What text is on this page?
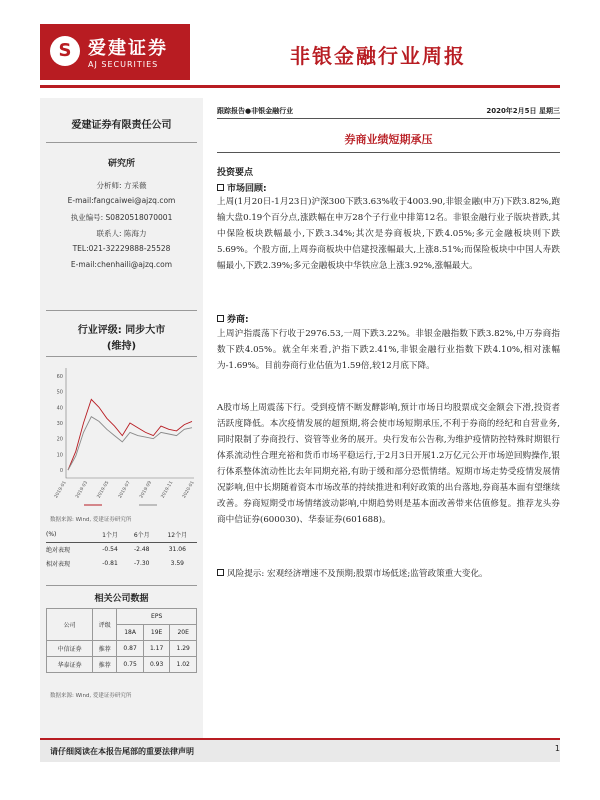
S 爱建证券
AJ SECURITIES	非银金融行业周报
爱建证券有限责任公司
研究所
分析师: 方采薇
E-mail:fangcaiwei@ajzq.com
执业编号: S0820518070001
联系人: 陈海力
TEL:021-32229888-25528
E-mail:chenhaili@ajzq.com
行业评级: 同步大市
(维持)
0
10
20
30
40
50
60
2019-01 2019-03 2019-05 2019-07 2019-09 2019-11 2020-01
数据来源: Wind, 爱建证券研究所
(%)	1个月	6个月	12个月
绝对表现	-0.54	-2.48	31.06
相对表现	-0.81	-7.30	3.59
相关公司数据
公司	评级	EPS		
		18A	19E	20E
中信证券	推荐	0.87	1.17	1.29
华泰证券	推荐	0.75	0.93	1.02
数据来源: Wind, 爱建证券研究所
跟踪报告●非银金融行业	2020年2月5日 星期三
券商业绩短期承压
投资要点
市场回顾:
上周(1月20日-1月23日)沪深300下跌3.63%收于4003.90,非银金融(申万)下跌3.82%,跑输大盘0.19个百分点,涨跌幅在申万28个子行业中排第12名。非银金融行业子版块普跌,其中保险板块跌幅最小,下跌3.34%;其次是券商板块,下跌4.05%;多元金融板块则下跌5.69%。个股方面,上周券商板块中信建投涨幅最大,上涨8.51%;而保险板块中中国人寿跌幅最小,下跌2.39%;多元金融板块中华铁应急上涨3.92%,涨幅最大。
券商:
上周沪指震荡下行收于2976.53,一周下跌3.22%。非银金融指数下跌3.82%,中万券商指数下跌4.05%。就全年来看,沪指下跌2.41%,非银金融行业指数下跌4.10%,相对涨幅为-1.69%。目前券商行业估值为1.59倍,较12月底下降。
A股市场上周震荡下行。受到疫情不断发酵影响,预计市场日均股票成交金额会下滑,投资者活跃度降低。本次疫情发展的超预期,将会使市场短期承压,不利于券商的经纪和自营业务,同时限制了券商投行、资管等业务的展开。央行发布公告称,为维护疫情防控特殊时期银行体系流动性合理充裕和货币市场平稳运行,于2月3日开展1.2万亿元公开市场逆回购操作,银行体系整体流动性比去年同期充裕,有助于缓和部分恐慌情绪。短期市场走势受疫情发展情况影响,但中长期随着资本市场改革的持续推进和利好政策的出台落地,券商基本面有望继续改善。券商短期受市场情绪波动影响,中期趋势则是基本面改善带来估值修复。推荐龙头券商中信证券(600030)、华泰证券(601688)。
风险提示: 宏观经济增速不及预期;股票市场低迷;监管政策重大变化。
请仔细阅读在本报告尾部的重要法律声明	1
